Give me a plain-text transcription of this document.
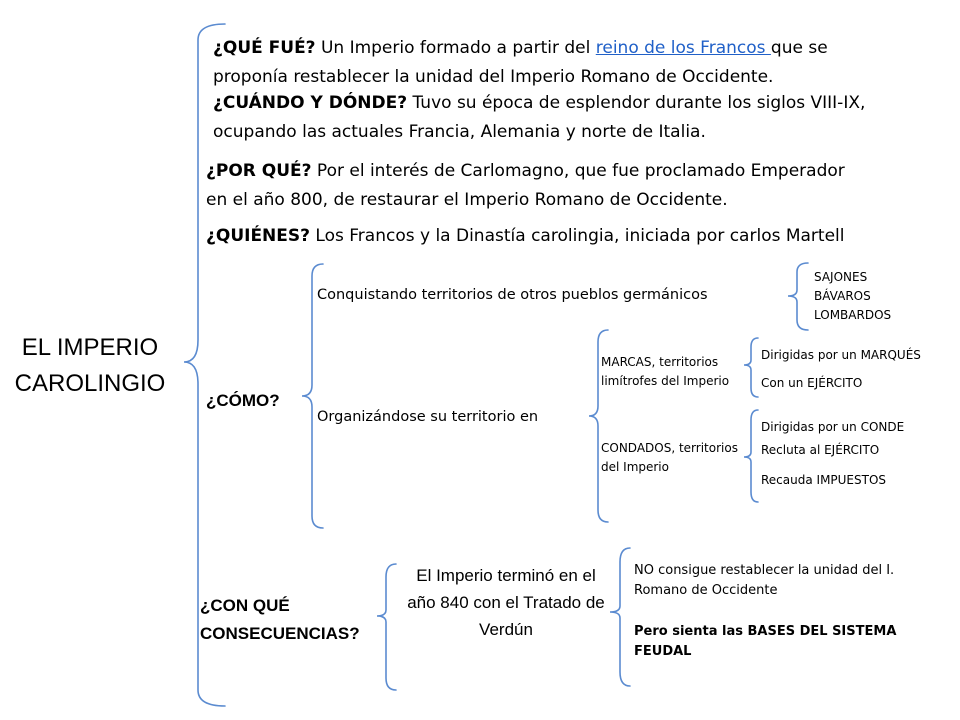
EL IMPERIO CAROLINGIO
¿QUÉ FUÉ? Un Imperio formado a partir del reino de los Francos que se
proponía restablecer la unidad del Imperio Romano de Occidente.
¿CUÁNDO Y DÓNDE? Tuvo su época de esplendor durante los siglos VIII-IX,
ocupando las actuales Francia, Alemania y norte de Italia.
¿POR QUÉ? Por el interés de Carlomagno, que fue proclamado Emperador
en el año 800, de restaurar el Imperio Romano de Occidente.
¿QUIÉNES? Los Francos y la Dinastía carolingia, iniciada por carlos Martell
¿CÓMO?
Conquistando territorios de otros pueblos germánicos
SAJONES
BÁVAROS
LOMBARDOS
Organizándose su territorio en
MARCAS, territorios limítrofes del Imperio
Dirigidas por un MARQUÉS
Con un EJÉRCITO
CONDADOS, territorios del Imperio
Dirigidas por un CONDE
Recluta al EJÉRCITO
Recauda IMPUESTOS
¿CON QUÉ CONSECUENCIAS?
El Imperio terminó en el año 840 con el Tratado de Verdún
NO consigue restablecer la unidad del I. Romano de Occidente
Pero sienta las BASES DEL SISTEMA FEUDAL
